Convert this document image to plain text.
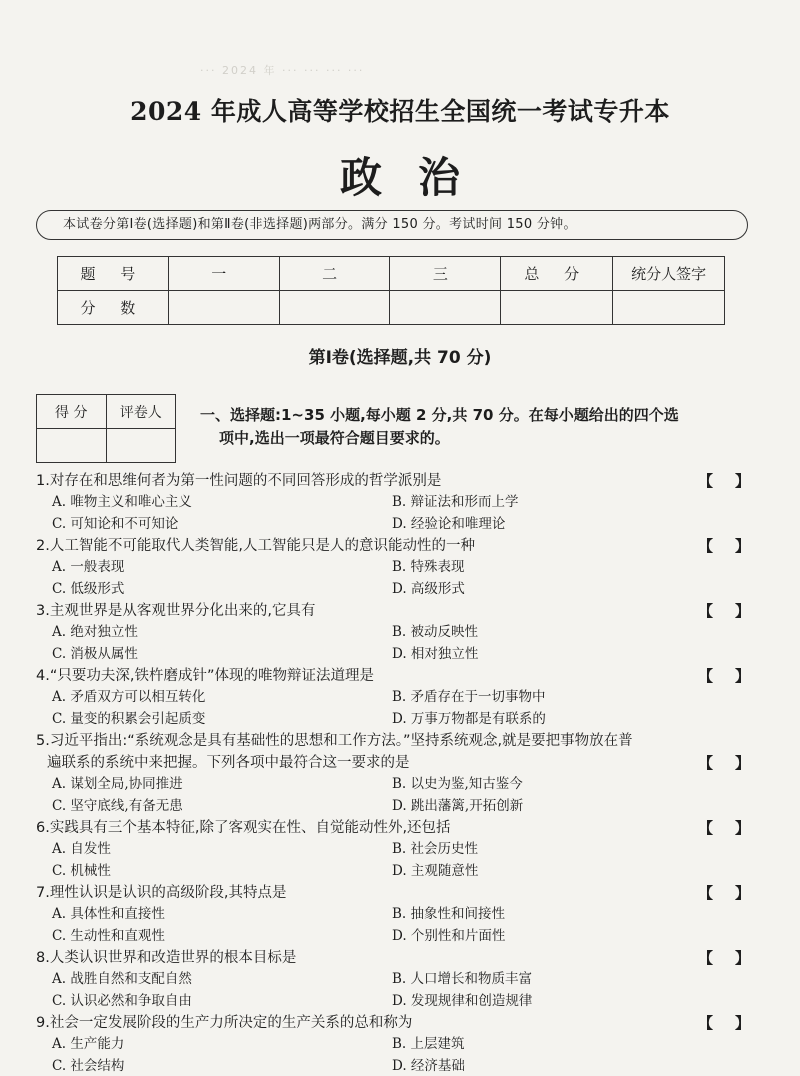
··· 2024 年 ··· ··· ··· ···
2024 年成人高等学校招生全国统一考试专升本
政治
本试卷分第Ⅰ卷(选择题)和第Ⅱ卷(非选择题)两部分。满分 150 分。考试时间 150 分钟。
题 号	一	二	三	总 分	统分人签字
分 数					
第Ⅰ卷(选择题,共 70 分)
得 分	评卷人
		一、选择题:1~35 小题,每小题 2 分,共 70 分。在每小题给出的四个选
项中,选出一项最符合题目要求的。
【 】
1.对存在和思维何者为第一性问题的不同回答形成的哲学派别是
A. 唯物主义和唯心主义	B. 辩证法和形而上学
C. 可知论和不可知论	D. 经验论和唯理论
【 】
2.人工智能不可能取代人类智能,人工智能只是人的意识能动性的一种
A. 一般表现	B. 特殊表现
C. 低级形式	D. 高级形式
【 】
3.主观世界是从客观世界分化出来的,它具有
A. 绝对独立性	B. 被动反映性
C. 消极从属性	D. 相对独立性
【 】
4.“只要功夫深,铁杵磨成针”体现的唯物辩证法道理是
A. 矛盾双方可以相互转化	B. 矛盾存在于一切事物中
C. 量变的积累会引起质变	D. 万事万物都是有联系的
【 】
5.习近平指出:“系统观念是具有基础性的思想和工作方法。”坚持系统观念,就是要把事物放在普
遍联系的系统中来把握。下列各项中最符合这一要求的是
A. 谋划全局,协同推进	B. 以史为鉴,知古鉴今
C. 坚守底线,有备无患	D. 跳出藩篱,开拓创新
【 】
6.实践具有三个基本特征,除了客观实在性、自觉能动性外,还包括
A. 自发性	B. 社会历史性
C. 机械性	D. 主观随意性
【 】
7.理性认识是认识的高级阶段,其特点是
A. 具体性和直接性	B. 抽象性和间接性
C. 生动性和直观性	D. 个别性和片面性
【 】
8.人类认识世界和改造世界的根本目标是
A. 战胜自然和支配自然	B. 人口增长和物质丰富
C. 认识必然和争取自由	D. 发现规律和创造规律
【 】
9.社会一定发展阶段的生产力所决定的生产关系的总和称为
A. 生产能力	B. 上层建筑
C. 社会结构	D. 经济基础
